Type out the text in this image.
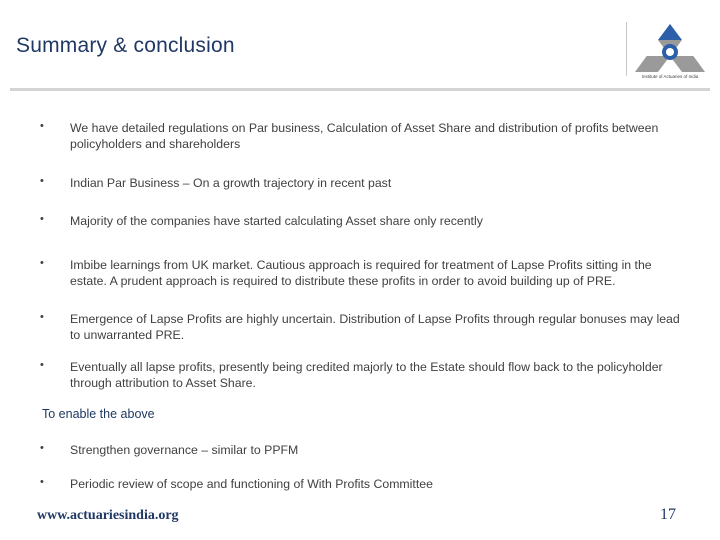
Summary & conclusion
Institute of Actuaries of India
• We have detailed regulations on Par business, Calculation of Asset Share and distribution of profits between policyholders and shareholders
• Indian Par Business – On a growth trajectory in recent past
• Majority of the companies have started calculating Asset share only recently
• Imbibe learnings from UK market. Cautious approach is required for treatment of Lapse Profits sitting in the estate. A prudent approach is required to distribute these profits in order to avoid building up of PRE.
• Emergence of Lapse Profits are highly uncertain. Distribution of Lapse Profits through regular bonuses may lead to unwarranted PRE.
• Eventually all lapse profits, presently being credited majorly to the Estate should flow back to the policyholder through attribution to Asset Share.
To enable the above
• Strengthen governance – similar to PPFM
• Periodic review of scope and functioning of With Profits Committee
www.actuariesindia.org	17
